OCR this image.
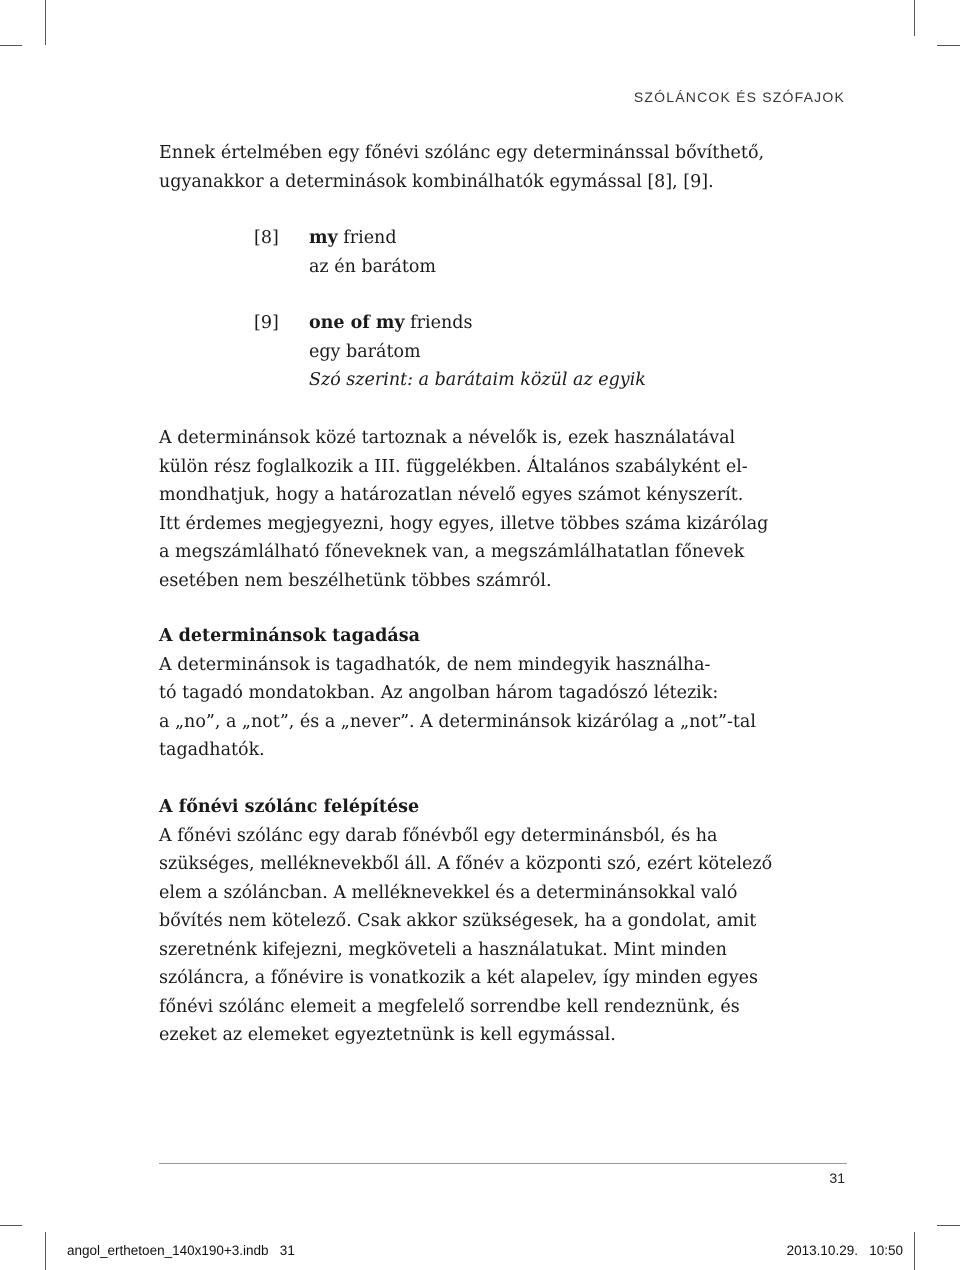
SZÓLÁNCOK ÉS SZÓFAJOK
Ennek értelmében egy főnévi szólánc egy determinánssal bővíthető,
ugyanakkor a determinások kombinálhatók egymással [8], [9].
[8] my friend
az én barátom
[9] one of my friends
egy barátom
Szó szerint: a barátaim közül az egyik
A determinánsok közé tartoznak a névelők is, ezek használatával
külön rész foglalkozik a III. függelékben. Általános szabályként el-
mondhatjuk, hogy a határozatlan névelő egyes számot kényszerít.
Itt érdemes megjegyezni, hogy egyes, illetve többes száma kizárólag
a megszámlálható főneveknek van, a megszámlálhatatlan főnevek
esetében nem beszélhetünk többes számról.
A determinánsok tagadása
A determinánsok is tagadhatók, de nem mindegyik használha-
tó tagadó mondatokban. Az angolban három tagadószó létezik:
a „no”, a „not”, és a „never”. A determinánsok kizárólag a „not”-tal
tagadhatók.
A főnévi szólánc felépítése
A főnévi szólánc egy darab főnévből egy determinánsból, és ha
szükséges, melléknevekből áll. A főnév a központi szó, ezért kötelező
elem a szóláncban. A melléknevekkel és a determinánsokkal való
bővítés nem kötelező. Csak akkor szükségesek, ha a gondolat, amit
szeretnénk kifejezni, megköveteli a használatukat. Mint minden
szóláncra, a főnévire is vonatkozik a két alapelev, így minden egyes
főnévi szólánc elemeit a megfelelő sorrendbe kell rendeznünk, és
ezeket az elemeket egyeztetnünk is kell egymással.
31
angol_erthetoen_140x190+3.indb   31	2013.10.29.   10:50
